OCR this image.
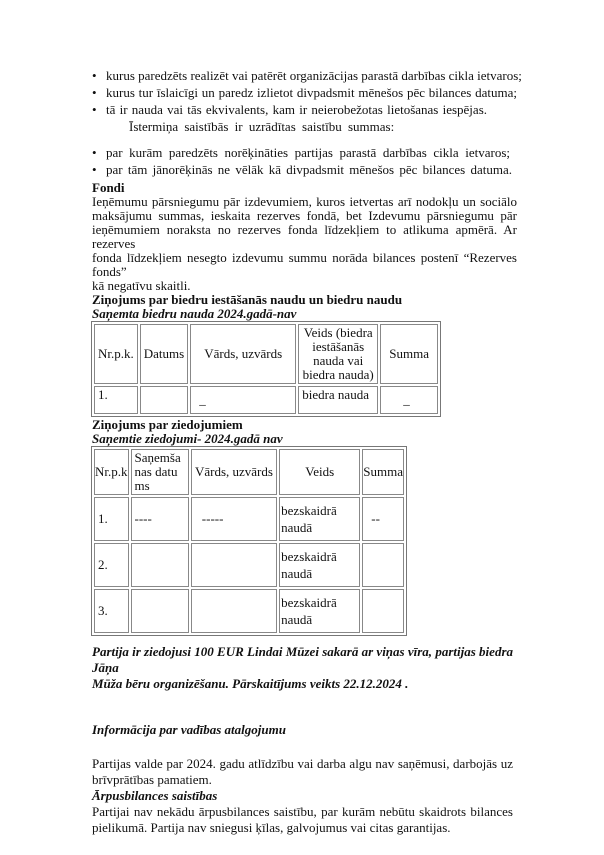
• kurus paredzēts realizēt vai patērēt organizācijas parastā darbības cikla ietvaros;
• kurus tur īslaicīgi un paredz izlietot divpadsmit mēnešos pēc bilances datuma;
• tā ir nauda vai tās ekvivalents, kam ir neierobežotas lietošanas iespējas.
Īstermiņa saistībās ir uzrādītas saistību summas:
• par kurām paredzēts norēķināties partijas parastā darbības cikla ietvaros;
• par tām jānorēķinās ne vēlāk kā divpadsmit mēnešos pēc bilances datuma.
Fondi
Ieņēmumu pārsniegumu pār izdevumiem, kuros ietvertas arī nodokļu un sociālo
maksājumu summas, ieskaita rezerves fondā, bet Izdevumu pārsniegumu pār
ieņēmumiem noraksta no rezerves fonda līdzekļiem to atlikuma apmērā. Ar rezerves
fonda līdzekļiem nesegto izdevumu summu norāda bilances postenī “Rezerves fonds”
kā negatīvu skaitli.
Ziņojums par biedru iestāšanās naudu un biedru naudu
Saņemta biedru nauda 2024.gadā-nav
Nr.p.k.	Datums	Vārds, uzvārds	Veids (biedra iestāšanās nauda vai biedra nauda)	Summa
1.		_	biedra nauda	_
Ziņojums par ziedojumiem
Saņemtie ziedojumi- 2024.gadā nav
Nr.p.k	Saņemšanas datums	Vārds, uzvārds	Veids	Summa
1.	----	-----	bezskaidrā naudā	--
2.			bezskaidrā naudā	
3.			bezskaidrā naudā	
Partija ir ziedojusi 100 EUR Lindai Mūzei sakarā ar viņas vīra, partijas biedra Jāņa
Mūža bēru organizēšanu. Pārskaitījums veikts 22.12.2024 .
Informācija par vadības atalgojumu
Partijas valde par 2024. gadu atlīdzību vai darba algu nav saņēmusi, darbojās uz
brīvprātības pamatiem.
Ārpusbilances saistības
Partijai nav nekādu ārpusbilances saistību, par kurām nebūtu skaidrots bilances
pielikumā. Partija nav sniegusi ķīlas, galvojumus vai citas garantijas.
